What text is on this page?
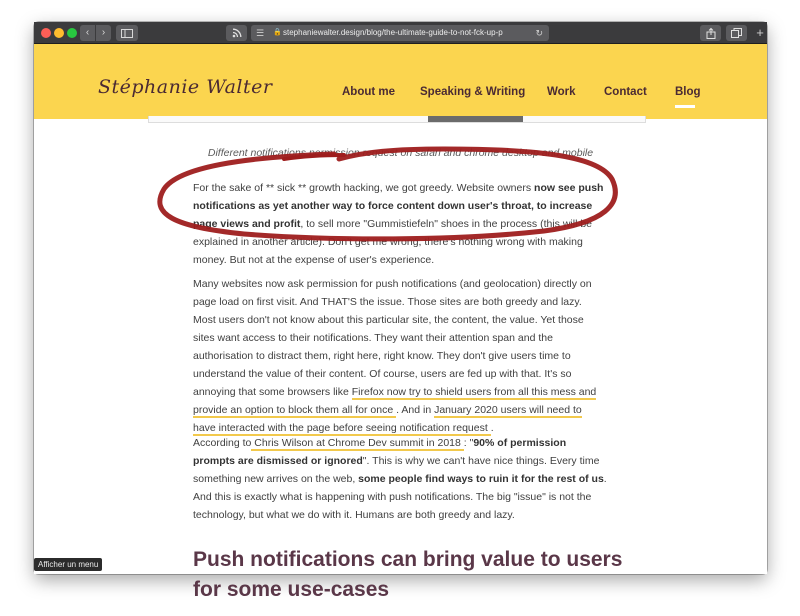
‹	›	☰ 🔒 stephaniewalter.design/blog/the-ultimate-guide-to-not-fck-up-p	↻	+
Stéphanie Walter	About me Speaking & Writing Work Contact Blog
Different notifications permission request on safari and chrome desktop and mobile

For the sake of ** sick ** growth hacking, we got greedy. Website owners now see push notifications as yet another way to force content down user's throat, to increase page views and profit, to sell more "Gummistiefeln" shoes in the process (this will be explained in another article). Don't get me wrong, there's nothing wrong with making money. But not at the expense of user's experience.

Many websites now ask permission for push notifications (and geolocation) directly on page load on first visit. And THAT'S the issue. Those sites are both greedy and lazy. Most users don't not know about this particular site, the content, the value. Yet those sites want access to their notifications. They want their attention span and the authorisation to distract them, right here, right know. They don't give users time to understand the value of their content. Of course, users are fed up with that. It's so annoying that some browsers like Firefox now try to shield users from all this mess and provide an option to block them all for once . And in January 2020 users will need to have interacted with the page before seeing notification request .

According to Chris Wilson at Chrome Dev summit in 2018 : "90% of permission prompts are dismissed or ignored". This is why we can't have nice things. Every time something new arrives on the web, some people find ways to ruin it for the rest of us. And this is exactly what is happening with push notifications. The big "issue" is not the technology, but what we do with it. Humans are both greedy and lazy.

Push notifications can bring value to users for some use-cases
Afficher un menu
